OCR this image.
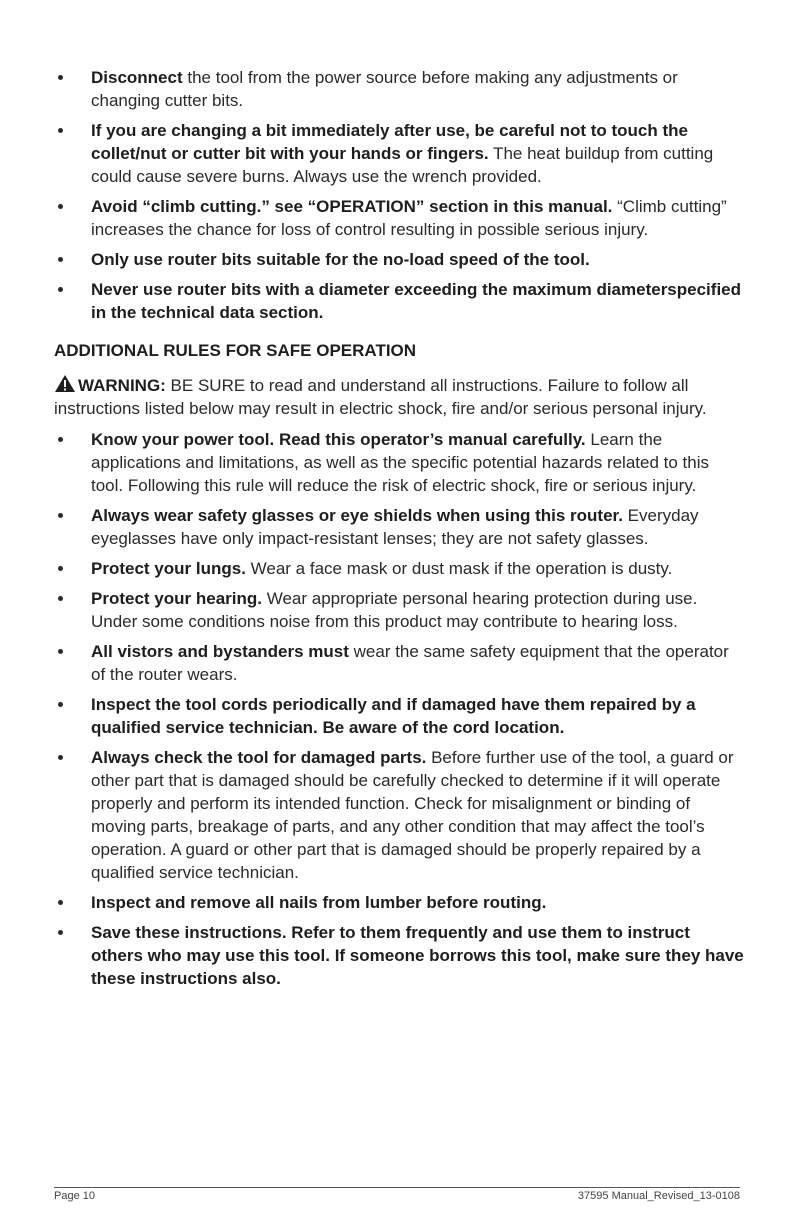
Disconnect the tool from the power source before making any adjustments or changing cutter bits.
If you are changing a bit immediately after use, be careful not to touch the collet/nut or cutter bit with your hands or fingers. The heat buildup from cutting could cause severe burns. Always use the wrench provided.
Avoid “climb cutting.” see “OPERATION” section in this manual. “Climb cutting” increases the chance for loss of control resulting in possible serious injury.
Only use router bits suitable for the no-load speed of the tool.
Never use router bits with a diameter exceeding the maximum diameterspecified in the technical data section.
ADDITIONAL RULES FOR SAFE OPERATION
WARNING: BE SURE to read and understand all instructions. Failure to follow all instructions listed below may result in electric shock, fire and/or serious personal injury.
Know your power tool. Read this operator’s manual carefully. Learn the applications and limitations, as well as the specific potential hazards related to this tool. Following this rule will reduce the risk of electric shock, fire or serious injury.
Always wear safety glasses or eye shields when using this router. Everyday eyeglasses have only impact-resistant lenses; they are not safety glasses.
Protect your lungs. Wear a face mask or dust mask if the operation is dusty.
Protect your hearing. Wear appropriate personal hearing protection during use. Under some conditions noise from this product may contribute to hearing loss.
All vistors and bystanders must wear the same safety equipment that the operator of the router wears.
Inspect the tool cords periodically and if damaged have them repaired by a qualified service technician. Be aware of the cord location.
Always check the tool for damaged parts. Before further use of the tool, a guard or other part that is damaged should be carefully checked to determine if it will operate properly and perform its intended function. Check for misalignment or binding of moving parts, breakage of parts, and any other condition that may affect the tool’s operation. A guard or other part that is damaged should be properly repaired by a qualified service technician.
Inspect and remove all nails from lumber before routing.
Save these instructions. Refer to them frequently and use them to instruct others who may use this tool. If someone borrows this tool, make sure they have these instructions also.
Page 10	37595 Manual_Revised_13-0108
